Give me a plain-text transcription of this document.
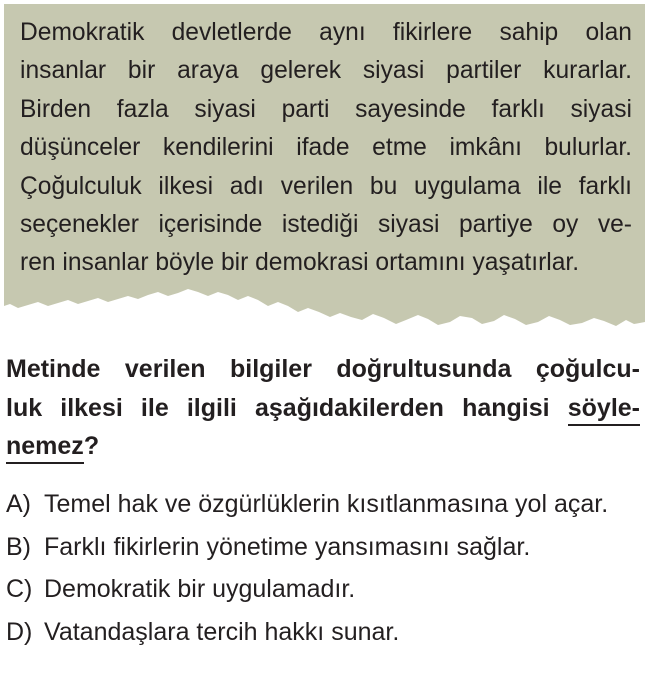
Demokratik devletlerde aynı fikirlere sahip olan
insanlar bir araya gelerek siyasi partiler kurarlar.
Birden fazla siyasi parti sayesinde farklı siyasi
düşünceler kendilerini ifade etme imkânı bulurlar.
Çoğulculuk ilkesi adı verilen bu uygulama ile farklı
seçenekler içerisinde istediği siyasi partiye oy ve-
ren insanlar böyle bir demokrasi ortamını yaşatırlar.
Metinde verilen bilgiler doğrultusunda çoğulcu-
luk ilkesi ile ilgili aşağıdakilerden hangisi söyle-
nemez?
A) Temel hak ve özgürlüklerin kısıtlanmasına yol açar.
B) Farklı fikirlerin yönetime yansımasını sağlar.
C) Demokratik bir uygulamadır.
D) Vatandaşlara tercih hakkı sunar.
